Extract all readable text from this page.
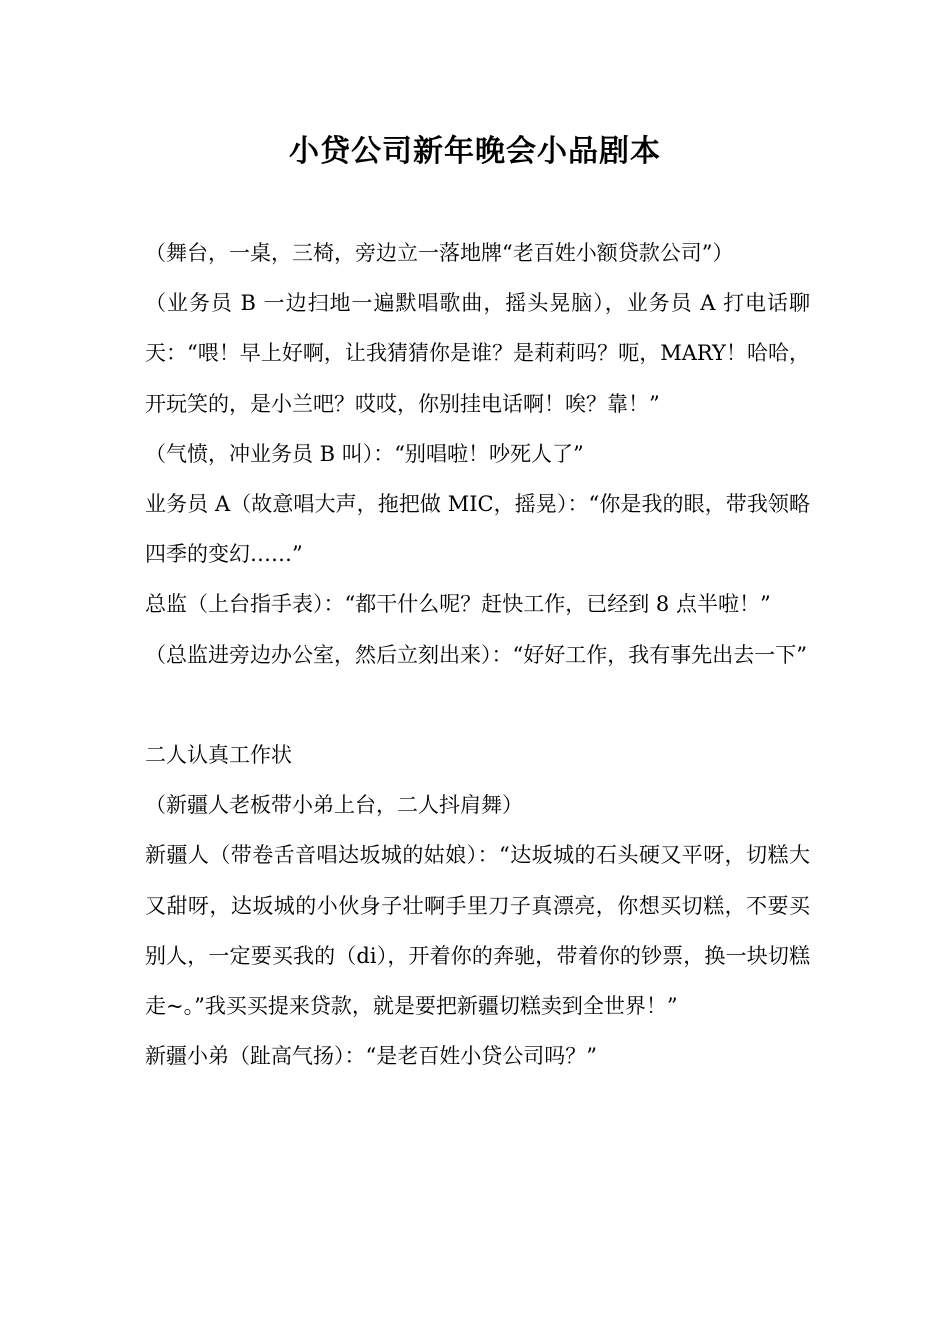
小贷公司新年晚会小品剧本

（舞台，一桌，三椅，旁边立一落地牌“老百姓小额贷款公司”）

（业务员 B 一边扫地一遍默唱歌曲，摇头晃脑），业务员 A 打电话聊天：“喂！早上好啊，让我猜猜你是谁？是莉莉吗？呃，MARY！哈哈，开玩笑的，是小兰吧？哎哎，你别挂电话啊！唉？靠！”

（气愤，冲业务员 B 叫）：“别唱啦！吵死人了”

业务员 A（故意唱大声，拖把做 MIC，摇晃）：“你是我的眼，带我领略四季的变幻……”

总监（上台指手表）：“都干什么呢？赶快工作，已经到 8 点半啦！”

（总监进旁边办公室，然后立刻出来）：“好好工作，我有事先出去一下”

二人认真工作状

（新疆人老板带小弟上台，二人抖肩舞）

新疆人（带卷舌音唱达坂城的姑娘）：“达坂城的石头硬又平呀，切糕大又甜呀，达坂城的小伙身子壮啊手里刀子真漂亮，你想买切糕，不要买别人，一定要买我的（di），开着你的奔驰，带着你的钞票，换一块切糕走~。”我买买提来贷款，就是要把新疆切糕卖到全世界！”

新疆小弟（趾高气扬）：“是老百姓小贷公司吗？”
